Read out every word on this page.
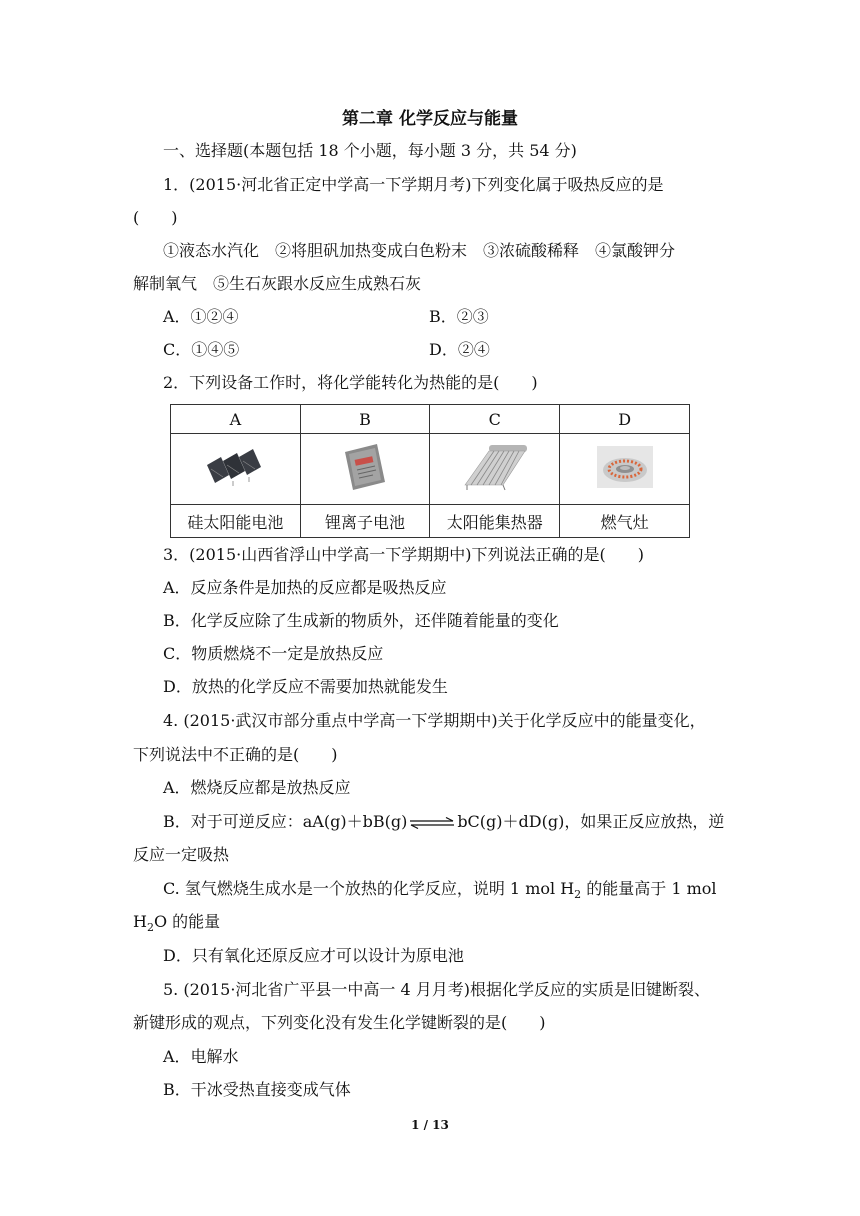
第二章 化学反应与能量
一、选择题(本题包括 18 个小题，每小题 3 分，共 54 分)
1．(2015·河北省正定中学高一下学期月考)下列变化属于吸热反应的是
(　　)
①液态水汽化　②将胆矾加热变成白色粉末　③浓硫酸稀释　④氯酸钾分
解制氧气　⑤生石灰跟水反应生成熟石灰
A．①②④	B．②③
C．①④⑤	D．②④
2．下列设备工作时，将化学能转化为热能的是(　　)
A	B	C	D

硅太阳能电池	锂离子电池	太阳能集热器	燃气灶
3．(2015·山西省浮山中学高一下学期期中)下列说法正确的是(　　)
A．反应条件是加热的反应都是吸热反应
B．化学反应除了生成新的物质外，还伴随着能量的变化
C．物质燃烧不一定是放热反应
D．放热的化学反应不需要加热就能发生
4. (2015·武汉市部分重点中学高一下学期期中)关于化学反应中的能量变化，
下列说法中不正确的是(　　)
A．燃烧反应都是放热反应
B．对于可逆反应：aA(g)＋bB(g) ⇌ bC(g)＋dD(g)，如果正反应放热，逆
反应一定吸热
C. 氢气燃烧生成水是一个放热的化学反应，说明 1 mol $H_2$ 的能量高于 1 mol
$H_2O$ 的能量
D．只有氧化还原反应才可以设计为原电池
5. (2015·河北省广平县一中高一 4 月月考)根据化学反应的实质是旧键断裂、
新键形成的观点，下列变化没有发生化学键断裂的是(　　)
A．电解水
B．干冰受热直接变成气体
1 / 13
